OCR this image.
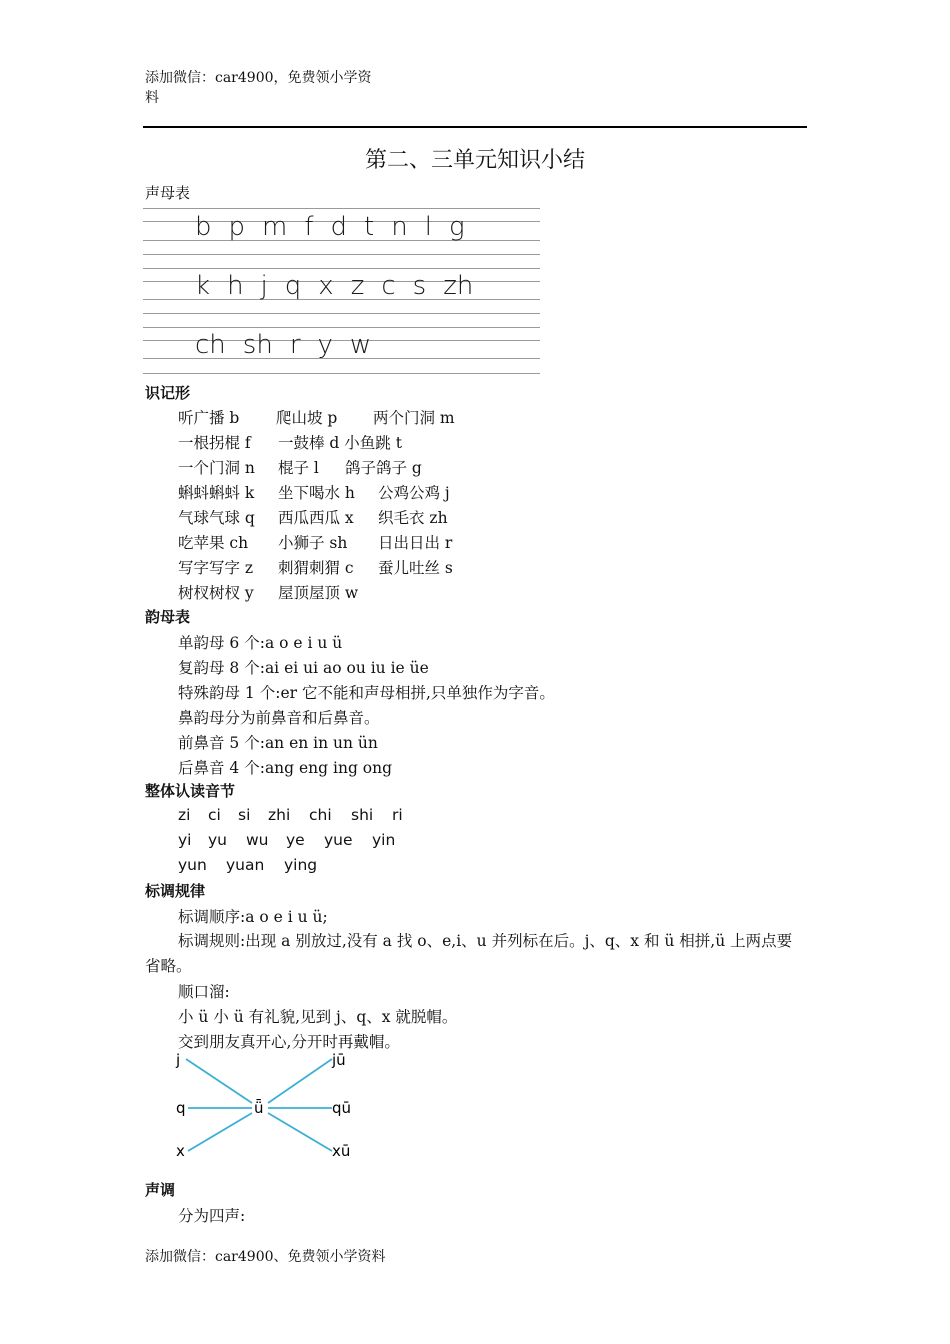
添加微信：car4900，免费领小学资
料
第二、三单元知识小结
声母表
b p m f d t n l g
k h j q x z c s zh
ch sh r y w
识记形
听广播 b 爬山坡 p 两个门洞 m
一根拐棍 f 一鼓棒 d 小鱼跳 t
一个门洞 n 棍子 l 鸽子鸽子 g
蝌蚪蝌蚪 k 坐下喝水 h 公鸡公鸡 j
气球气球 q 西瓜西瓜 x 织毛衣 zh
吃苹果 ch 小狮子 sh 日出日出 r
写字写字 z 刺猬刺猬 c 蚕儿吐丝 s
树杈树杈 y 屋顶屋顶 w
韵母表
单韵母 6 个:a o e i u ü
复韵母 8 个:ai ei ui ao ou iu ie üe
特殊韵母 1 个:er 它不能和声母相拼,只单独作为字音。
鼻韵母分为前鼻音和后鼻音。
前鼻音 5 个:an en in un ün
后鼻音 4 个:ang eng ing ong
整体认读音节
zi ci si zhi chi shi ri
yi yu wu ye yue yin
yun yuan ying
标调规律
标调顺序:a o e i u ü;
标调规则:出现 a 别放过,没有 a 找 o、e,i、u 并列标在后。j、q、x 和 ü 相拼,ü 上两点要省略。
顺口溜:
小 ü 小 ü 有礼貌,见到 j、q、x 就脱帽。
交到朋友真开心,分开时再戴帽。
j
q
x
ǖ
jū
qū
xū
声调
分为四声:
添加微信：car4900、免费领小学资料
